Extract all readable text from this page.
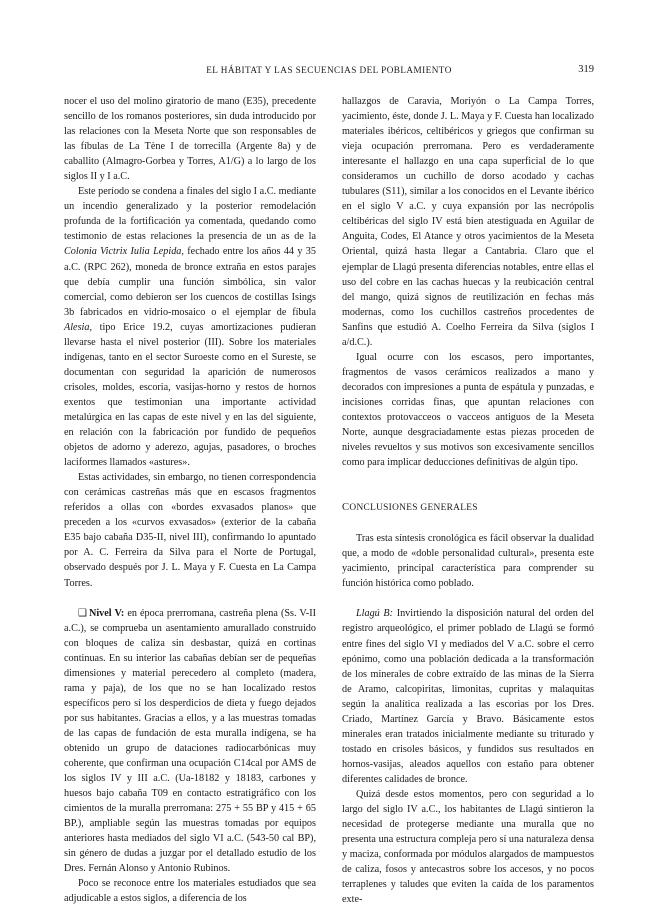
EL HÁBITAT Y LAS SECUENCIAS DEL POBLAMIENTO	319

nocer el uso del molino giratorio de mano (E35), precedente sencillo de los romanos posteriores, sin duda introducido por las relaciones con la Meseta Norte que son responsables de las fíbulas de La Tène I de torrecilla (Argente 8a) y de caballito (Almagro-Gorbea y Torres, A1/G) a lo largo de los siglos II y I a.C.

Este período se condena a finales del siglo I a.C. mediante un incendio generalizado y la posterior remodelación profunda de la fortificación ya comentada, quedando como testimonio de estas relaciones la presencia de un as de la Colonia Victrix Iulia Lepida, fechado entre los años 44 y 35 a.C. (RPC 262), moneda de bronce extraña en estos parajes que debía cumplir una función simbólica, sin valor comercial, como debieron ser los cuencos de costillas Isings 3b fabricados en vidrio-mosaico o el ejemplar de fíbula Alesia, tipo Erice 19.2, cuyas amortizaciones pudieran llevarse hasta el nivel posterior (III). Sobre los materiales indígenas, tanto en el sector Suroeste como en el Sureste, se documentan con seguridad la aparición de numerosos crisoles, moldes, escoria, vasijas-horno y restos de hornos exentos que testimonian una importante actividad metalúrgica en las capas de este nivel y en las del siguiente, en relación con la fabricación por fundido de pequeños objetos de adorno y aderezo, agujas, pasadores, o broches laciformes llamados «astures».

Estas actividades, sin embargo, no tienen correspondencia con cerámicas castreñas más que en escasos fragmentos referidos a ollas con «bordes exvasados planos» que preceden a los «curvos exvasados» (exterior de la cabaña E35 bajo cabaña D35-II, nivel III), confirmando lo apuntado por A. C. Ferreira da Silva para el Norte de Portugal, observado después por J. L. Maya y F. Cuesta en La Campa Torres.

❑ Nivel V: en época prerromana, castreña plena (Ss. V-II a.C.), se comprueba un asentamiento amurallado construido con bloques de caliza sin desbastar, quizá en cortinas continuas. En su interior las cabañas debían ser de pequeñas dimensiones y material perecedero al completo (madera, rama y paja), de los que no se han localizado restos específicos pero sí los desperdicios de dieta y fuego dejados por sus habitantes. Gracias a ellos, y a las muestras tomadas de las capas de fundación de esta muralla indígena, se ha obtenido un grupo de dataciones radiocarbónicas muy coherente, que confirman una ocupación C14cal por AMS de los siglos IV y III a.C. (Ua-18182 y 18183, carbones y huesos bajo cabaña T09 en contacto estratigráfico con los cimientos de la muralla prerromana: 275 + 55 BP y 415 + 65 BP.), ampliable según las muestras tomadas por equipos anteriores hasta mediados del siglo VI a.C. (543-50 cal BP), sin género de dudas a juzgar por el detallado estudio de los Dres. Fernán Alonso y Antonio Rubinos.

Poco se reconoce entre los materiales estudiados que sea adjudicable a estos siglos, a diferencia de los

hallazgos de Caravia, Moriyón o La Campa Torres, yacimiento, éste, donde J. L. Maya y F. Cuesta han localizado materiales ibéricos, celtibéricos y griegos que confirman su vieja ocupación prerromana. Pero es verdaderamente interesante el hallazgo en una capa superficial de lo que consideramos un cuchillo de dorso acodado y cachas tubulares (S11), similar a los conocidos en el Levante ibérico en el siglo V a.C. y cuya expansión por las necrópolis celtibéricas del siglo IV está bien atestiguada en Aguilar de Anguita, Codes, El Atance y otros yacimientos de la Meseta Oriental, quizá hasta llegar a Cantabria. Claro que el ejemplar de Llagú presenta diferencias notables, entre ellas el uso del cobre en las cachas huecas y la reubicación central del mango, quizá signos de reutilización en fechas más modernas, como los cuchillos castreños procedentes de Sanfins que estudió A. Coelho Ferreira da Silva (siglos I a/d.C.).

Igual ocurre con los escasos, pero importantes, fragmentos de vasos cerámicos realizados a mano y decorados con impresiones a punta de espátula y punzadas, e incisiones corridas finas, que apuntan relaciones con contextos protovacceos o vacceos antiguos de la Meseta Norte, aunque desgraciadamente estas piezas proceden de niveles revueltos y sus motivos son excesivamente sencillos como para implicar deducciones definitivas de algún tipo.

CONCLUSIONES GENERALES

Tras esta síntesis cronológica es fácil observar la dualidad que, a modo de «doble personalidad cultural», presenta este yacimiento, principal característica para comprender su función histórica como poblado.

Llagú B: Invirtiendo la disposición natural del orden del registro arqueológico, el primer poblado de Llagú se formó entre fines del siglo VI y mediados del V a.C. sobre el cerro epónimo, como una población dedicada a la transformación de los minerales de cobre extraído de las minas de la Sierra de Aramo, calcopiritas, limonitas, cupritas y malaquitas según la analítica realizada a las escorias por los Dres. Criado, Martínez García y Bravo. Básicamente estos minerales eran tratados inicialmente mediante su triturado y tostado en crisoles básicos, y fundidos sus resultados en hornos-vasijas, aleados aquellos con estaño para obtener diferentes calidades de bronce.

Quizá desde estos momentos, pero con seguridad a lo largo del siglo IV a.C., los habitantes de Llagú sintieron la necesidad de protegerse mediante una muralla que no presenta una estructura compleja pero sí una naturaleza densa y maciza, conformada por módulos alargados de mampuestos de caliza, fosos y antecastros sobre los accesos, y no pocos terraplenes y taludes que eviten la caída de los paramentos exte-
